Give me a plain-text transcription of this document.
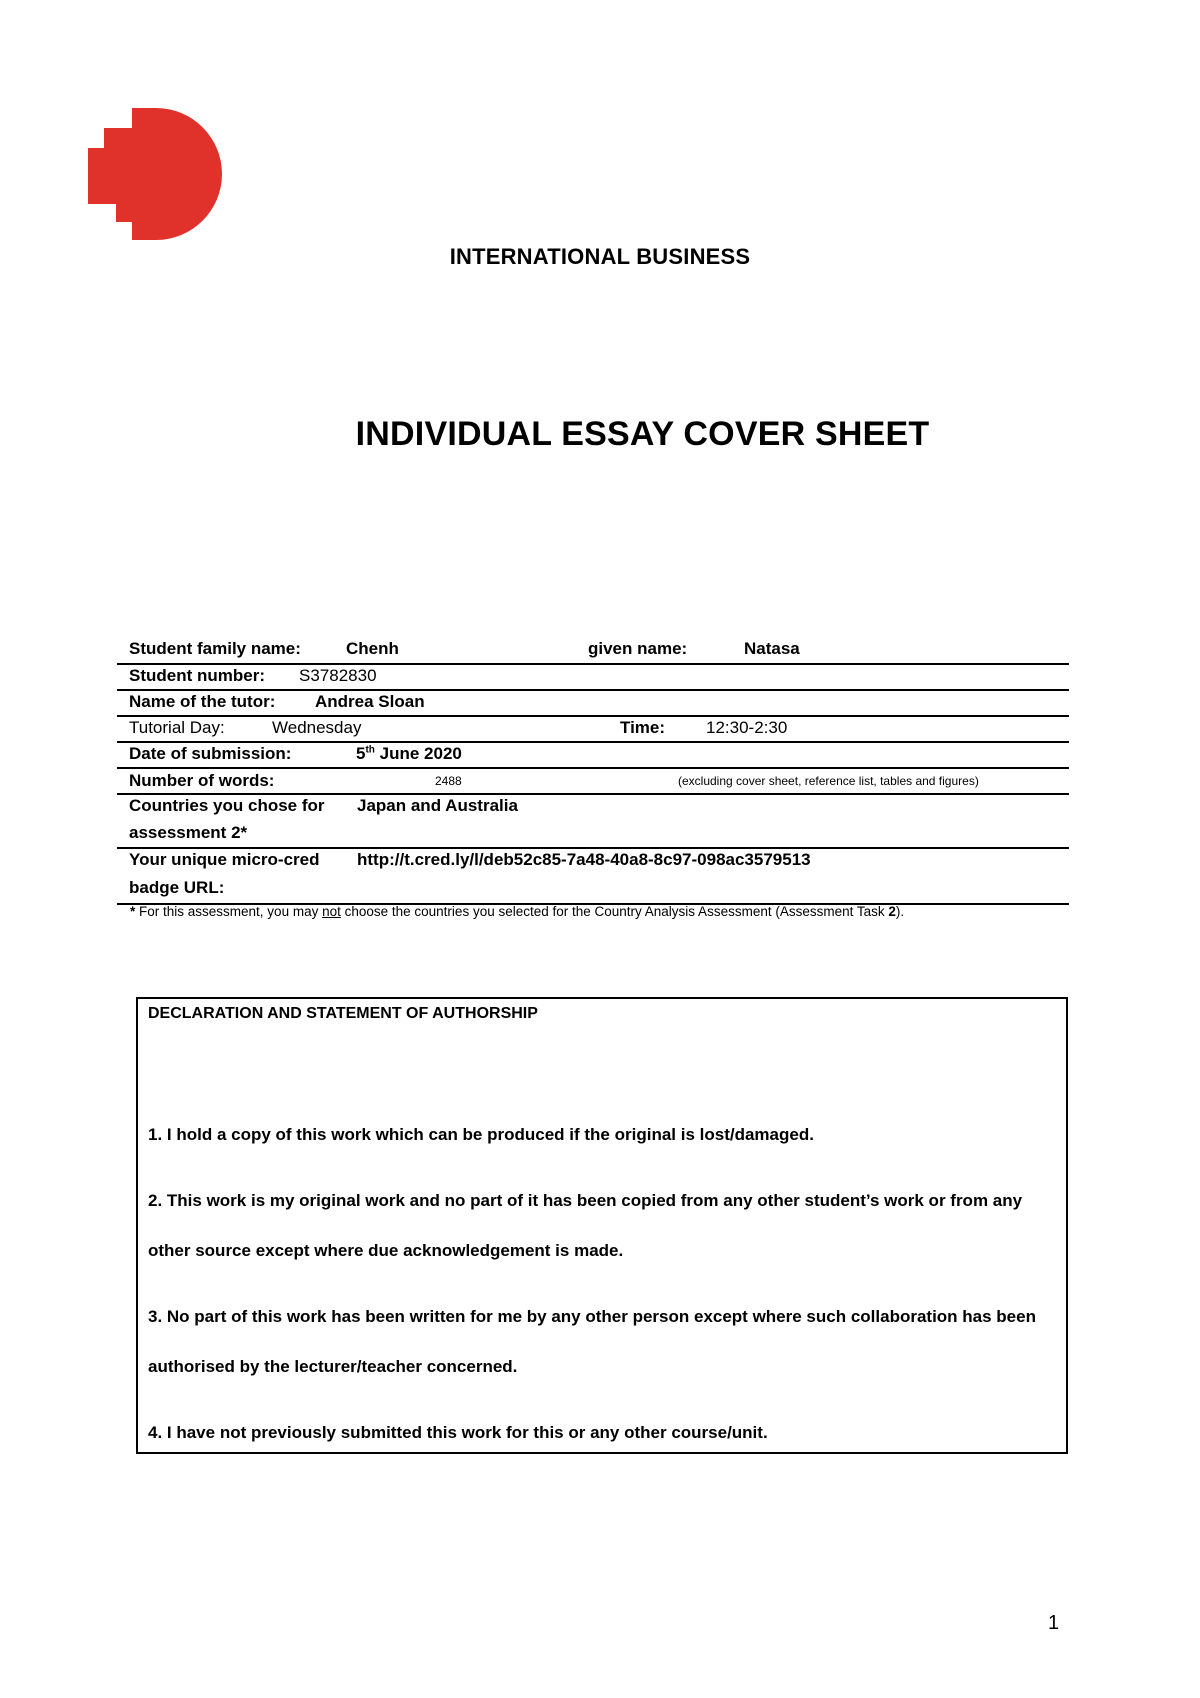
INTERNATIONAL BUSINESS
INDIVIDUAL ESSAY COVER SHEET
Student family name:	Chenh	given name:	Natasa
Student number: S3782830
Name of the tutor: Andrea Sloan
Tutorial Day:	Wednesday	Time: 12:30-2:30
Date of submission:	5th June 2020
Number of words:	2488	(excluding cover sheet, reference list, tables and figures)
Countries you chose for
assessment 2*
Japan and Australia
Your unique micro-cred
badge URL:
http://t.cred.ly/l/deb52c85-7a48-40a8-8c97-098ac3579513
* For this assessment, you may not choose the countries you selected for the Country Analysis Assessment (Assessment Task 2).
DECLARATION AND STATEMENT OF AUTHORSHIP

1. I hold a copy of this work which can be produced if the original is lost/damaged.

2. This work is my original work and no part of it has been copied from any other student’s work or from any

other source except where due acknowledgement is made.

3. No part of this work has been written for me by any other person except where such collaboration has been

authorised by the lecturer/teacher concerned.

4. I have not previously submitted this work for this or any other course/unit.

1
